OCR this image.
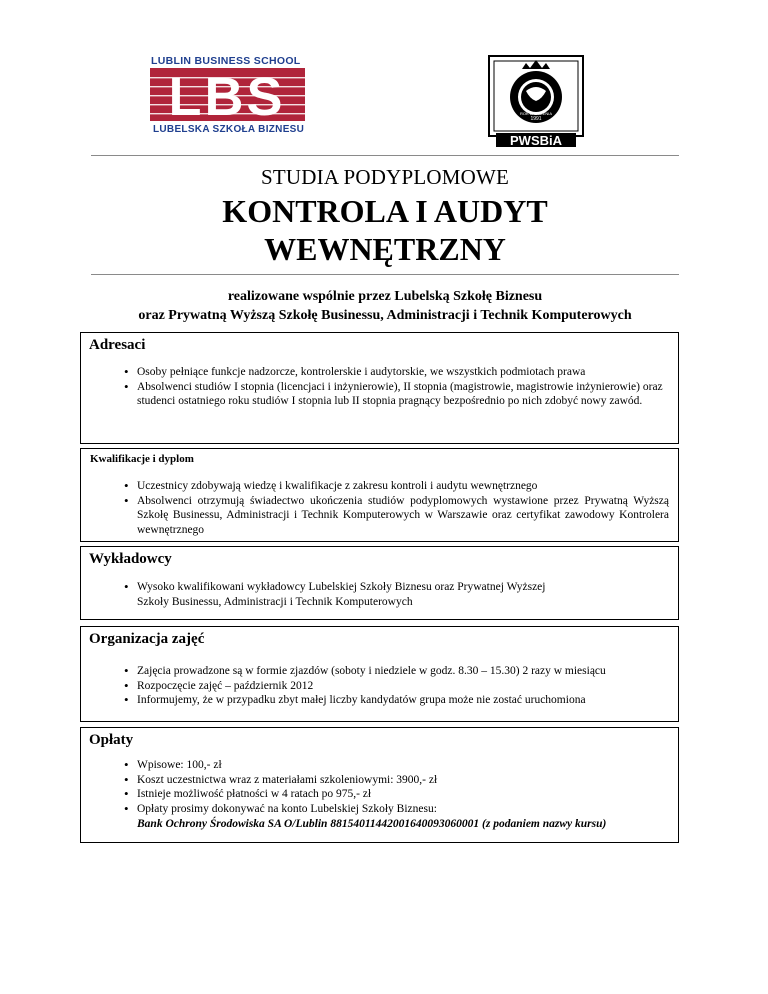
LUBLIN BUSINESS SCHOOL
LBS
LUBELSKA SZKOŁA BIZNESU
ROK ZAŁOŻENIA
1991
PWSBiA
STUDIA PODYPLOMOWE
KONTROLA I AUDYT
WEWNĘTRZNY
realizowane wspólnie przez Lubelską Szkołę Biznesu
oraz Prywatną Wyższą Szkołę Businessu, Administracji i Technik Komputerowych
Adresaci
• Osoby pełniące funkcje nadzorcze, kontrolerskie i audytorskie, we wszystkich podmiotach prawa
• Absolwenci studiów I stopnia (licencjaci i inżynierowie), II stopnia (magistrowie, magistrowie inżynierowie) oraz studenci ostatniego roku studiów I stopnia lub II stopnia pragnący bezpośrednio po nich zdobyć nowy zawód.
Kwalifikacje i dyplom
• Uczestnicy zdobywają wiedzę i kwalifikacje z zakresu kontroli i audytu wewnętrznego
• Absolwenci otrzymują świadectwo ukończenia studiów podyplomowych wystawione przez Prywatną Wyższą Szkołę Businessu, Administracji i Technik Komputerowych w Warszawie oraz certyfikat zawodowy Kontrolera wewnętrznego
Wykładowcy
• Wysoko kwalifikowani wykładowcy Lubelskiej Szkoły Biznesu oraz Prywatnej Wyższej Szkoły Businessu, Administracji i Technik Komputerowych
Organizacja zajęć
• Zajęcia prowadzone są w formie zjazdów (soboty i niedziele w godz. 8.30 – 15.30) 2 razy w miesiącu
• Rozpoczęcie zajęć – październik 2012
• Informujemy, że w przypadku zbyt małej liczby kandydatów grupa może nie zostać uruchomiona
Opłaty
• Wpisowe: 100,- zł
• Koszt uczestnictwa wraz z materiałami szkoleniowymi: 3900,- zł
• Istnieje możliwość płatności w 4 ratach po 975,- zł
• Opłaty prosimy dokonywać na konto Lubelskiej Szkoły Biznesu:
Bank Ochrony Środowiska SA O/Lublin 88154011442001640093060001 (z podaniem nazwy kursu)
